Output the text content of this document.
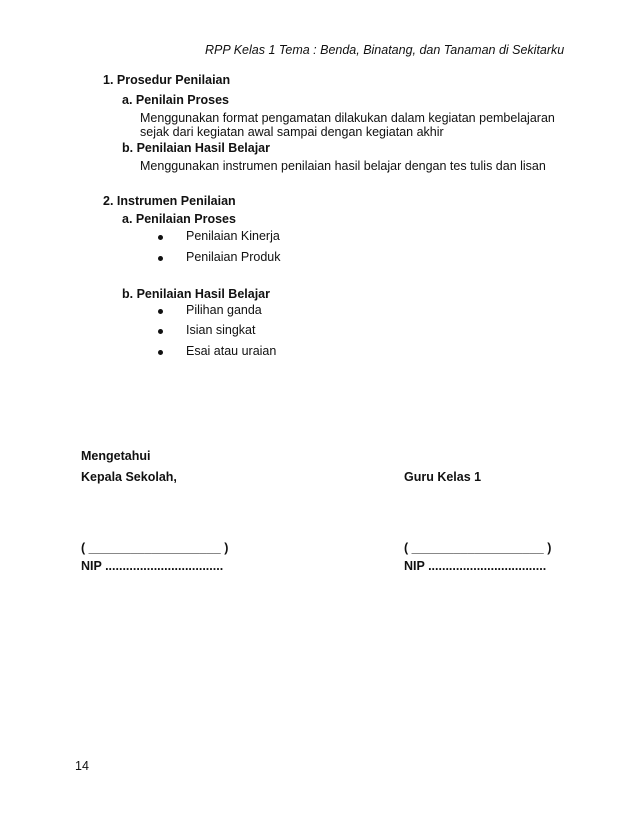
RPP Kelas 1 Tema : Benda, Binatang, dan Tanaman di Sekitarku
1. Prosedur Penilaian
a. Penilain Proses
Menggunakan format pengamatan dilakukan dalam kegiatan pembelajaran
sejak dari kegiatan awal sampai dengan kegiatan akhir
b. Penilaian Hasil Belajar
Menggunakan instrumen penilaian hasil belajar dengan tes tulis dan lisan
2. Instrumen Penilaian
a. Penilaian Proses
Penilaian Kinerja
Penilaian Produk
b. Penilaian Hasil Belajar
Pilihan ganda
Isian singkat
Esai atau uraian
Mengetahui
Kepala Sekolah,	Guru Kelas 1
( ___________________ )	( ___________________ )
NIP ..................................	NIP ..................................
14
